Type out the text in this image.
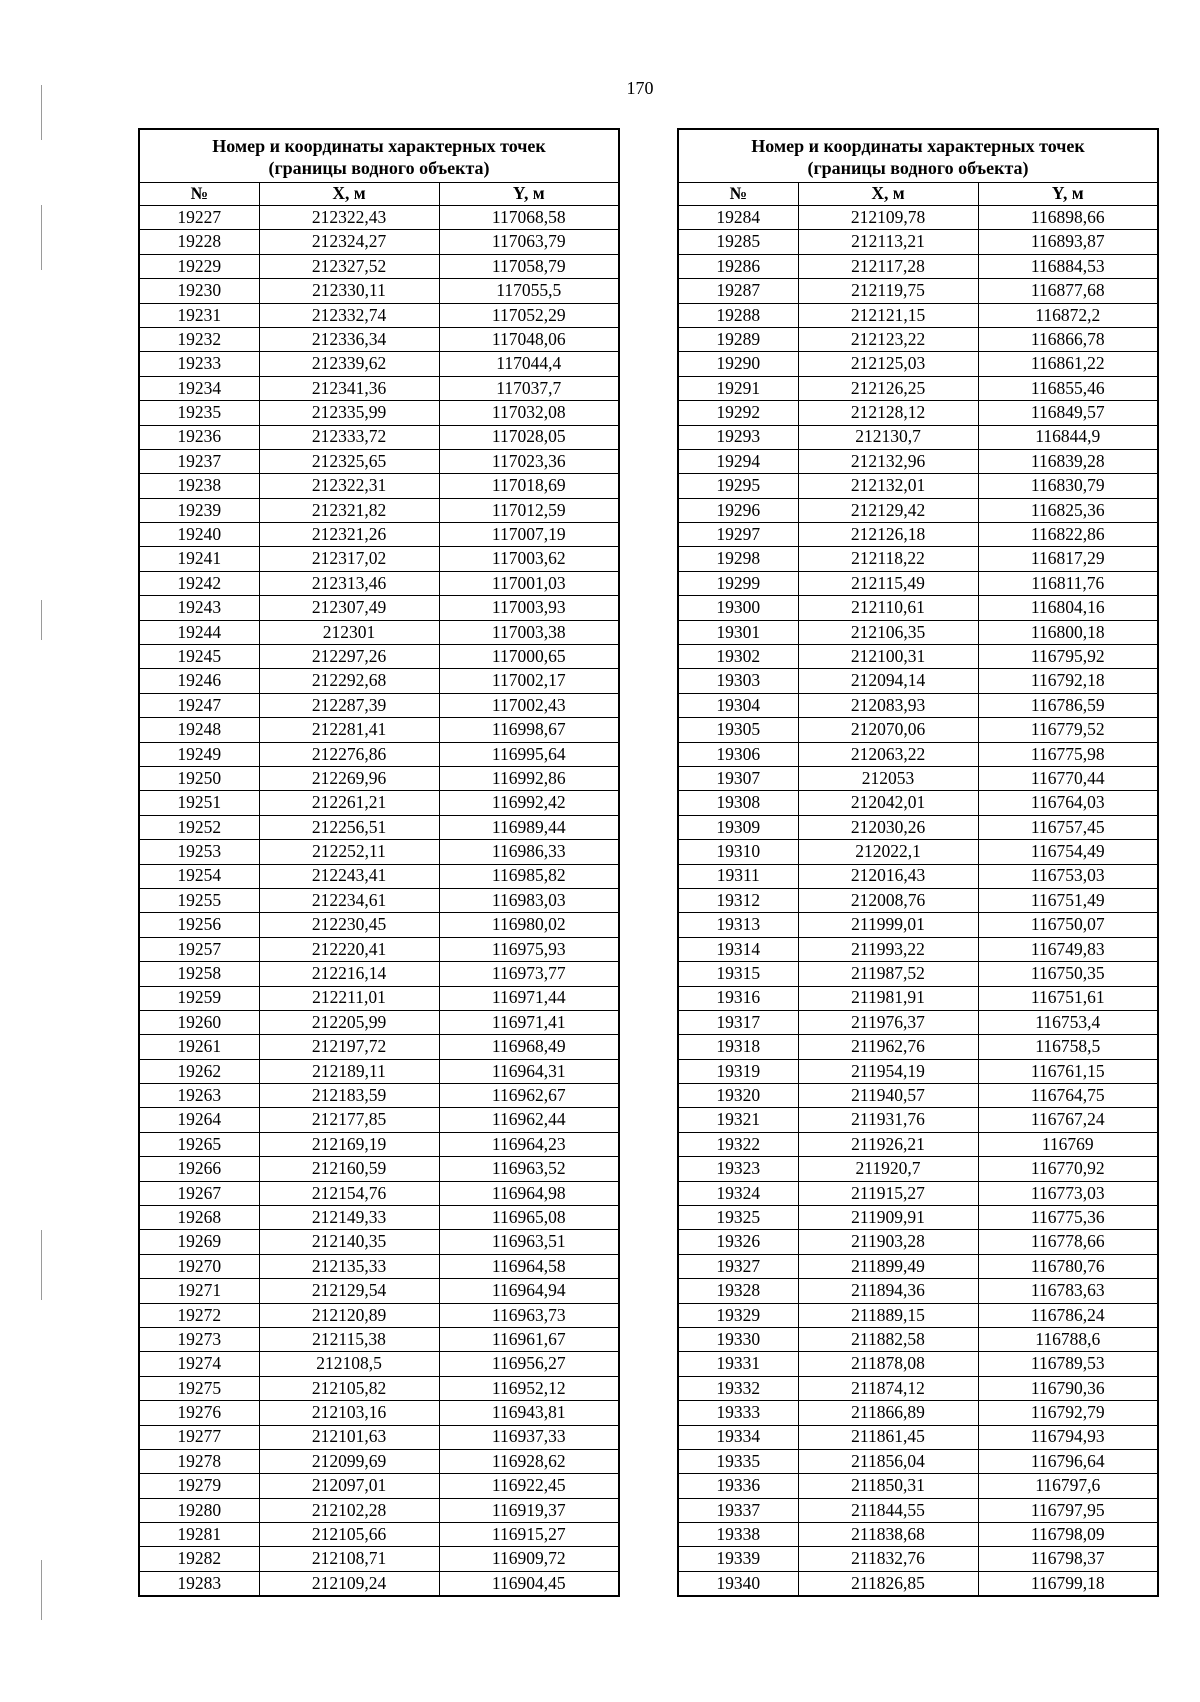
170
Номер и координаты характерных точек
(границы водного объекта)		

№	X, м	Y, м
19227	212322,43	117068,58
19228	212324,27	117063,79
19229	212327,52	117058,79
19230	212330,11	117055,5
19231	212332,74	117052,29
19232	212336,34	117048,06
19233	212339,62	117044,4
19234	212341,36	117037,7
19235	212335,99	117032,08
19236	212333,72	117028,05
19237	212325,65	117023,36
19238	212322,31	117018,69
19239	212321,82	117012,59
19240	212321,26	117007,19
19241	212317,02	117003,62
19242	212313,46	117001,03
19243	212307,49	117003,93
19244	212301	117003,38
19245	212297,26	117000,65
19246	212292,68	117002,17
19247	212287,39	117002,43
19248	212281,41	116998,67
19249	212276,86	116995,64
19250	212269,96	116992,86
19251	212261,21	116992,42
19252	212256,51	116989,44
19253	212252,11	116986,33
19254	212243,41	116985,82
19255	212234,61	116983,03
19256	212230,45	116980,02
19257	212220,41	116975,93
19258	212216,14	116973,77
19259	212211,01	116971,44
19260	212205,99	116971,41
19261	212197,72	116968,49
19262	212189,11	116964,31
19263	212183,59	116962,67
19264	212177,85	116962,44
19265	212169,19	116964,23
19266	212160,59	116963,52
19267	212154,76	116964,98
19268	212149,33	116965,08
19269	212140,35	116963,51
19270	212135,33	116964,58
19271	212129,54	116964,94
19272	212120,89	116963,73
19273	212115,38	116961,67
19274	212108,5	116956,27
19275	212105,82	116952,12
19276	212103,16	116943,81
19277	212101,63	116937,33
19278	212099,69	116928,62
19279	212097,01	116922,45
19280	212102,28	116919,37
19281	212105,66	116915,27
19282	212108,71	116909,72
19283	212109,24	116904,45
Номер и координаты характерных точек
(границы водного объекта)		

№	X, м	Y, м
19284	212109,78	116898,66
19285	212113,21	116893,87
19286	212117,28	116884,53
19287	212119,75	116877,68
19288	212121,15	116872,2
19289	212123,22	116866,78
19290	212125,03	116861,22
19291	212126,25	116855,46
19292	212128,12	116849,57
19293	212130,7	116844,9
19294	212132,96	116839,28
19295	212132,01	116830,79
19296	212129,42	116825,36
19297	212126,18	116822,86
19298	212118,22	116817,29
19299	212115,49	116811,76
19300	212110,61	116804,16
19301	212106,35	116800,18
19302	212100,31	116795,92
19303	212094,14	116792,18
19304	212083,93	116786,59
19305	212070,06	116779,52
19306	212063,22	116775,98
19307	212053	116770,44
19308	212042,01	116764,03
19309	212030,26	116757,45
19310	212022,1	116754,49
19311	212016,43	116753,03
19312	212008,76	116751,49
19313	211999,01	116750,07
19314	211993,22	116749,83
19315	211987,52	116750,35
19316	211981,91	116751,61
19317	211976,37	116753,4
19318	211962,76	116758,5
19319	211954,19	116761,15
19320	211940,57	116764,75
19321	211931,76	116767,24
19322	211926,21	116769
19323	211920,7	116770,92
19324	211915,27	116773,03
19325	211909,91	116775,36
19326	211903,28	116778,66
19327	211899,49	116780,76
19328	211894,36	116783,63
19329	211889,15	116786,24
19330	211882,58	116788,6
19331	211878,08	116789,53
19332	211874,12	116790,36
19333	211866,89	116792,79
19334	211861,45	116794,93
19335	211856,04	116796,64
19336	211850,31	116797,6
19337	211844,55	116797,95
19338	211838,68	116798,09
19339	211832,76	116798,37
19340	211826,85	116799,18
